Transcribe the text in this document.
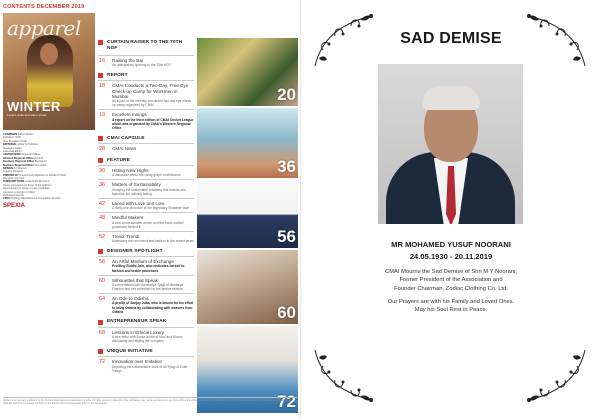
CONTENTS DECEMBER 2019
apparel
WINTER
Layers, knits and warm tones
CHAIRMAN Rahul Mehta
President CMAI
Vice President CMAI
EDITORIAL Editor & Publisher
Managing Editor
Associate Editor
ADVERTISING Regional Offices
Western Regional Office Mumbai
Southern Regional Office Bengaluru
Northern Regional Office New Delhi
DESIGN Art Director
Graphic Designer
PRINTED BY Printed and published on behalf of CMAI
All rights reserved
SUBSCRIPTIONS subscription@cmai.in
Views expressed are those of the authors
Reproduction in whole or part prohibited
Contents copyright of CMAI
Published monthly
CMAI Clothing Manufacturers Association of India
SPEXIA
CURTAIN RAISER TO THE 70TH NGF
16	Raising the Bar
An anticipatory opening to the 70th NGF
REPORT
18	CMAI Conducts a Two-Day, Free Eye Check-up Camp for Workmen in Mumbai
As a part of the recently concluded two-day eye check-up camp organised by CMAI
19	Excellent Innings
A report on the third edition of CMAI Cricket League which was organised by CMAI's Western Regional Office
CMAI CAPSULE
28	CMAI News
FEATURE
30	Hitting New Highs
A discourse about the rising graph of athleisure
36	Matters of Sustainability
Studying the sustainable practices that brands and factories are actively taking
42	Laced with Love and Lore
A thirty-one chronicle of the legendary Shawnee lace
48	Mindful Makers
A look at sustainable denim and the hand-crafted processes behind it
52	Trend: Trendi
Assessing the new trend and fashion in the recent years
DESIGNER SPOTLIGHT
56	An Artful Medium of Exchange
Profiling Riddhi Jain, who dedicates herself to fashion and textile processes
60	Silhouettes that Speak
A conversation with Aishwarya Tyagi of Mustarya Fashion and her collection for the festive season
64	An Ode to Odisha
A profile of Sanjay Juba, who is known for his effort to bring Odisha by collaborating with weavers from Odisha
ENTREPRENEUR SPEAK
68	Lessons in Ethical Luxury
A free artful with Sonia Jindal of Mod and Moore, discussing and styling the company
UNIQUE INITIATIVE
72	Innovation over Imitation
Depicting the collaborative work of Ali Tyagi of Craft Village
20
36
56
60
72
Apparel is printed and published by the Clothing Manufacturers Association of India. All rights reserved. Material in this publication may not be reproduced in any form without the written permission of the publisher. The publisher does not accept responsibility for unsolicited material. Opinions expressed are those of the authors and not necessarily those of the Association.
SAD DEMISE
MR MOHAMED YUSUF NOORANI
24.05.1930 - 20.11.2019
CMAI Mourns the Sad Demise of Shri M Y Noorani,
Former President of the Association and
Founder Chairman, Zodiac Clothing Co. Ltd.
Our Prayers are with his Family and Loved Ones.
May his Soul Rest in Peace.
